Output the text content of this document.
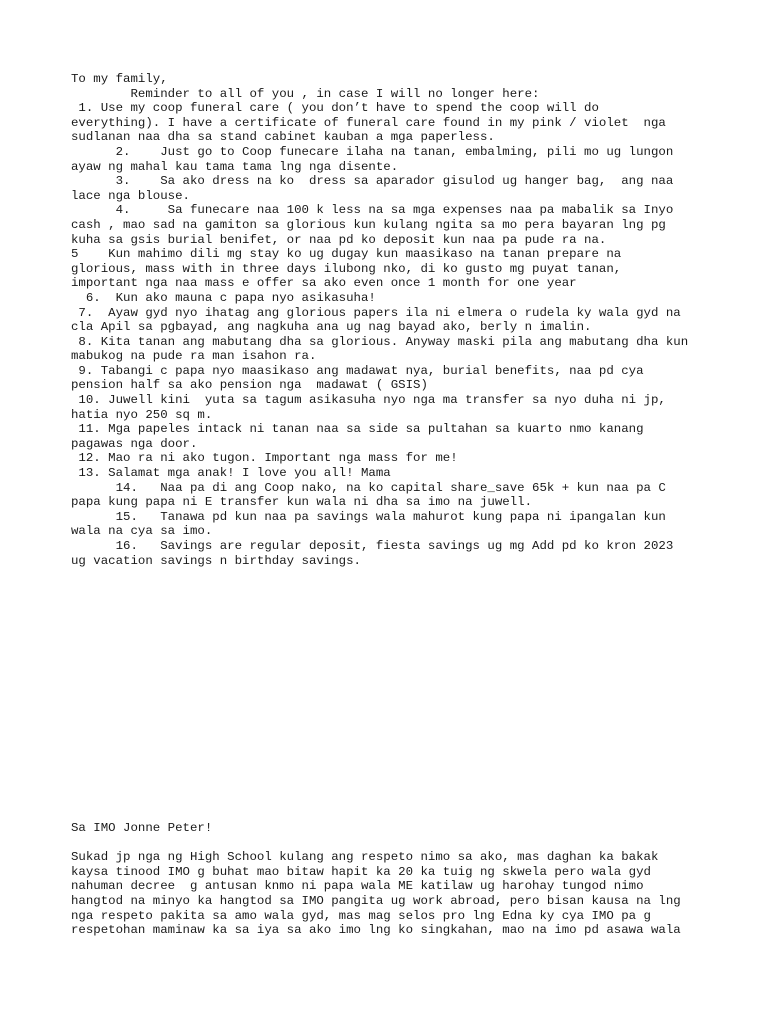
To my family,

Reminder to all of you , in case I will no longer here:

1. Use my coop funeral care ( you don’t have to spend the coop will do

everything). I have a certificate of funeral care found in my pink / violet  nga

sudlanan naa dha sa stand cabinet kauban a mga paperless.

2.    Just go to Coop funecare ilaha na tanan, embalming, pili mo ug lungon

ayaw ng mahal kau tama tama lng nga disente.

3.    Sa ako dress na ko  dress sa aparador gisulod ug hanger bag,  ang naa

lace nga blouse.

4.     Sa funecare naa 100 k less na sa mga expenses naa pa mabalik sa Inyo

cash , mao sad na gamiton sa glorious kun kulang ngita sa mo pera bayaran lng pg

kuha sa gsis burial benifet, or naa pd ko deposit kun naa pa pude ra na.

5    Kun mahimo dili mg stay ko ug dugay kun maasikaso na tanan prepare na

glorious, mass with in three days ilubong nko, di ko gusto mg puyat tanan,

important nga naa mass e offer sa ako even once 1 month for one year

6.  Kun ako mauna c papa nyo asikasuha!

7.  Ayaw gyd nyo ihatag ang glorious papers ila ni elmera o rudela ky wala gyd na

cla Apil sa pgbayad, ang nagkuha ana ug nag bayad ako, berly n imalin.

8. Kita tanan ang mabutang dha sa glorious. Anyway maski pila ang mabutang dha kun

mabukog na pude ra man isahon ra.

9. Tabangi c papa nyo maasikaso ang madawat nya, burial benefits, naa pd cya

pension half sa ako pension nga  madawat ( GSIS)

10. Juwell kini  yuta sa tagum asikasuha nyo nga ma transfer sa nyo duha ni jp,

hatia nyo 250 sq m.

11. Mga papeles intack ni tanan naa sa side sa pultahan sa kuarto nmo kanang

pagawas nga door.

12. Mao ra ni ako tugon. Important nga mass for me!

13. Salamat mga anak! I love you all! Mama

14.   Naa pa di ang Coop nako, na ko capital share_save 65k + kun naa pa C

papa kung papa ni E transfer kun wala ni dha sa imo na juwell.

15.   Tanawa pd kun naa pa savings wala mahurot kung papa ni ipangalan kun

wala na cya sa imo.

16.   Savings are regular deposit, fiesta savings ug mg Add pd ko kron 2023

ug vacation savings n birthday savings.

Sa IMO Jonne Peter!

Sukad jp nga ng High School kulang ang respeto nimo sa ako, mas daghan ka bakak

kaysa tinood IMO g buhat mao bitaw hapit ka 20 ka tuig ng skwela pero wala gyd

nahuman decree  g antusan knmo ni papa wala ME katilaw ug harohay tungod nimo

hangtod na minyo ka hangtod sa IMO pangita ug work abroad, pero bisan kausa na lng

nga respeto pakita sa amo wala gyd, mas mag selos pro lng Edna ky cya IMO pa g

respetohan maminaw ka sa iya sa ako imo lng ko singkahan, mao na imo pd asawa wala
